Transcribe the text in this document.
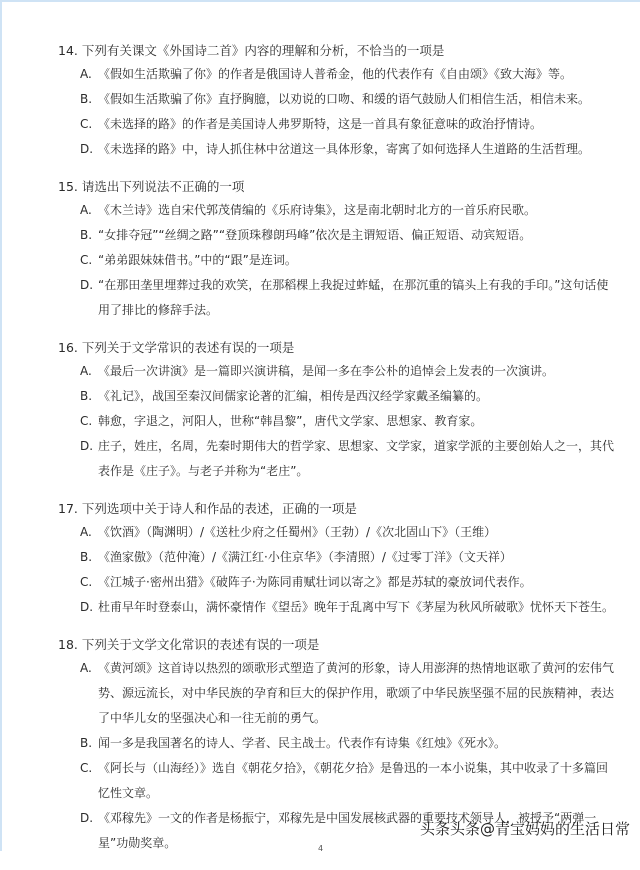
14. 下列有关课文《外国诗二首》内容的理解和分析，不恰当的一项是
A. 《假如生活欺骗了你》的作者是俄国诗人普希金，他的代表作有《自由颂》《致大海》等。
B. 《假如生活欺骗了你》直抒胸臆，以劝说的口吻、和缓的语气鼓励人们相信生活，相信未来。
C. 《未选择的路》的作者是美国诗人弗罗斯特，这是一首具有象征意味的政治抒情诗。
D. 《未选择的路》中，诗人抓住林中岔道这一具体形象，寄寓了如何选择人生道路的生活哲理。
15. 请选出下列说法不正确的一项
A. 《木兰诗》选自宋代郭茂倩编的《乐府诗集》，这是南北朝时北方的一首乐府民歌。
B. “女排夺冠”“丝绸之路”“登顶珠穆朗玛峰”依次是主谓短语、偏正短语、动宾短语。
C. “弟弟跟妹妹借书。”中的“跟”是连词。
D. “在那田垄里埋葬过我的欢笑，在那稻棵上我捉过蚱蜢，在那沉重的镐头上有我的手印。”这句话使用了排比的修辞手法。
16. 下列关于文学常识的表述有误的一项是
A. 《最后一次讲演》是一篇即兴演讲稿，是闻一多在李公朴的追悼会上发表的一次演讲。
B. 《礼记》，战国至秦汉间儒家论著的汇编，相传是西汉经学家戴圣编纂的。
C. 韩愈，字退之，河阳人，世称“韩昌黎”，唐代文学家、思想家、教育家。
D. 庄子，姓庄，名周，先秦时期伟大的哲学家、思想家、文学家，道家学派的主要创始人之一，其代表作是《庄子》。与老子并称为“老庄”。
17. 下列选项中关于诗人和作品的表述，正确的一项是
A. 《饮酒》（陶渊明）/《送杜少府之任蜀州》（王勃）/《次北固山下》（王维）
B. 《渔家傲》（范仲淹）/《满江红·小住京华》（李清照）/《过零丁洋》（文天祥）
C. 《江城子·密州出猎》《破阵子·为陈同甫赋壮词以寄之》都是苏轼的豪放词代表作。
D. 杜甫早年时登泰山，满怀豪情作《望岳》晚年于乱离中写下《茅屋为秋风所破歌》忧怀天下苍生。
18. 下列关于文学文化常识的表述有误的一项是
A. 《黄河颂》这首诗以热烈的颂歌形式塑造了黄河的形象，诗人用澎湃的热情地讴歌了黄河的宏伟气势、源远流长，对中华民族的孕育和巨大的保护作用，歌颂了中华民族坚强不屈的民族精神，表达了中华儿女的坚强决心和一往无前的勇气。
B. 闻一多是我国著名的诗人、学者、民主战士。代表作有诗集《红烛》《死水》。
C. 《阿长与（山海经）》选自《朝花夕拾》，《朝花夕拾》是鲁迅的一本小说集，其中收录了十多篇回忆性文章。
D. 《邓稼先》一文的作者是杨振宁，邓稼先是中国发展核武器的重要技术领导人，被授予“两弹一星”功勋奖章。
头条头条@青宝妈妈的生活日常
4
